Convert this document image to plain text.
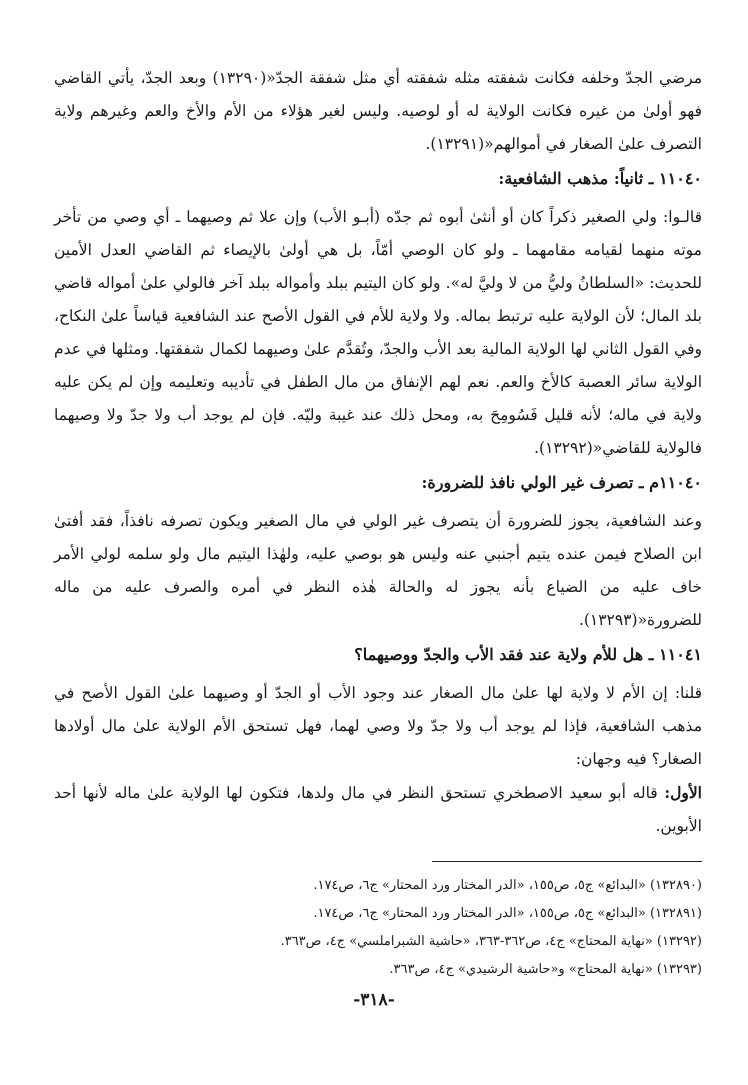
مرضي الجدّ وخلفه فكانت شفقته مثله شفقته أي مثل شفقة الجدّ«(١٣٢٩٠) وبعد الجدّ، يأتي القاضي فهو أولىٰ من غيره فكانت الولاية له أو لوصيه. وليس لغير هؤلاء من الأم والأخ والعم وغيرهم ولاية التصرف علىٰ الصغار في أموالهم«(١٣٢٩١).

١١٠٤٠ ـ ثانياً: مذهب الشافعية:

قالـوا: ولي الصغير ذكراً كان أو أنثىٰ أبوه ثم جدّه (أبـو الأب) وإن علا ثم وصيهما ـ أي وصي من تأخر موته منهما لقيامه مقامهما ـ ولو كان الوصي أمّاً، بل هي أولىٰ بالإيصاء ثم القاضي العدل الأمين للحديث: «السلطانُ وليُّ من لا وليَّ له». ولو كان اليتيم ببلد وأمواله ببلد آخر فالولي علىٰ أمواله قاضي بلد المال؛ لأن الولاية عليه ترتبط بماله. ولا ولاية للأم في القول الأصح عند الشافعية قياساً علىٰ النكاح، وفي القول الثاني لها الولاية المالية بعد الأب والجدّ، وتُقدَّم علىٰ وصيهما لكمال شفقتها. ومثلها في عدم الولاية سائر العصبة كالأخ والعم. نعم لهم الإنفاق من مال الطفل في تأديبه وتعليمه وإن لم يكن عليه ولاية في ماله؛ لأنه قليل فَسُومِحَ به، ومحل ذلك عند غيبة وليّه. فإن لم يوجد أب ولا جدّ ولا وصيهما فالولاية للقاضي«(١٣٢٩٢).

١١٠٤٠م ـ تصرف غير الولي نافذ للضرورة:

وعند الشافعية، يجوز للضرورة أن يتصرف غير الولي في مال الصغير ويكون تصرفه نافذاً، فقد أفتىٰ ابن الصلاح فيمن عنده يتيم أجنبي عنه وليس هو بوصي عليه، ولهٰذا اليتيم مال ولو سلمه لولي الأمر خاف عليه من الضياع بأنه يجوز له والحالة هٰذه النظر في أمره والصرف عليه من ماله للضرورة«(١٣٢٩٣).

١١٠٤١ ـ هل للأم ولاية عند فقد الأب والجدّ ووصيهما؟

قلنا: إن الأم لا ولاية لها علىٰ مال الصغار عند وجود الأب أو الجدّ أو وصيهما علىٰ القول الأصح في مذهب الشافعية، فإذا لم يوجد أب ولا جدّ ولا وصي لهما، فهل تستحق الأم الولاية علىٰ مال أولادها الصغار؟ فيه وجهان:

الأول: قاله أبو سعيد الاصطخري تستحق النظر في مال ولدها، فتكون لها الولاية علىٰ ماله لأنها أحد الأبوين.

(١٣٢٨٩٠) «البدائع» ج٥، ص١٥٥، «الدر المختار ورد المحتار» ج٦، ص١٧٤.
(١٣٢٨٩١) «البدائع» ج٥، ص١٥٥، «الدر المختار ورد المحتار» ج٦، ص١٧٤.
(١٣٢٩٢) «نهاية المحتاج» ج٤، ص٣٦٢-٣٦٣، «حاشية الشبراملسي» ج٤، ص٣٦٣.
(١٣٢٩٣) «نهاية المحتاج» و«حاشية الرشيدي» ج٤، ص٣٦٣.
-٣١٨-
